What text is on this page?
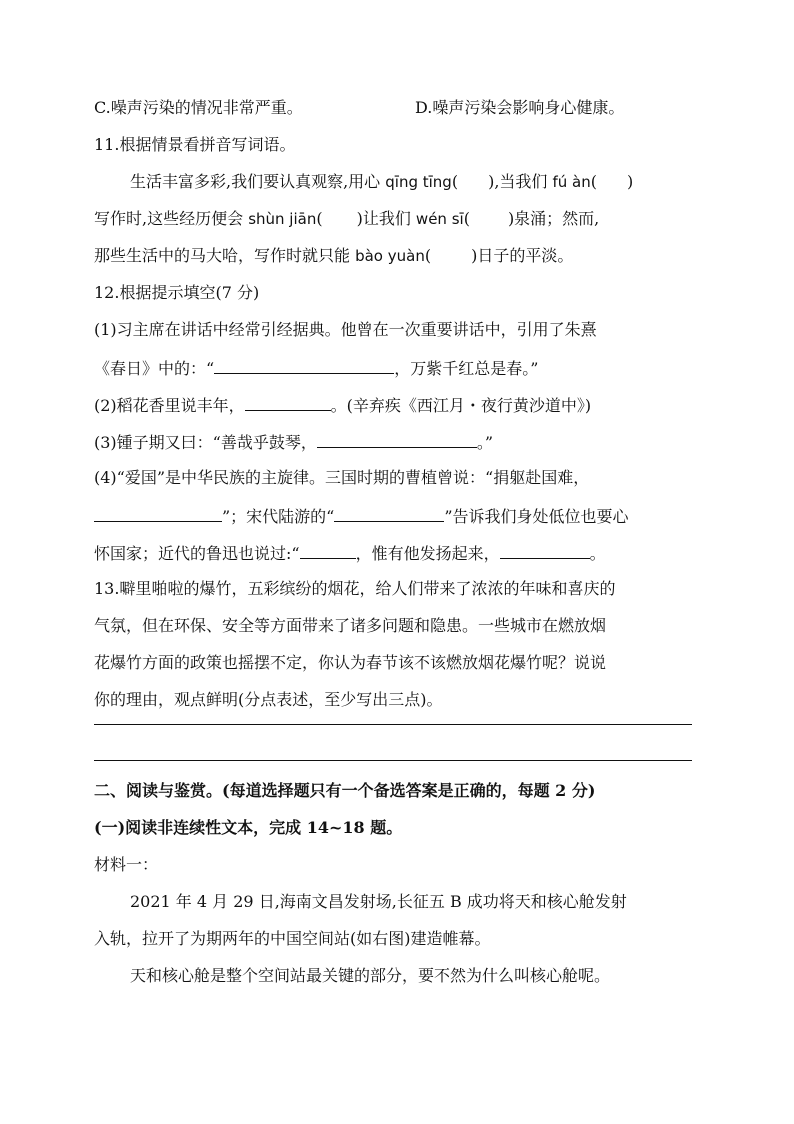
C.噪声污染的情况非常严重。	D.噪声污染会影响身心健康。
11.根据情景看拼音写词语。
生活丰富多彩,我们要认真观察,用心 qīng tīng( ),当我们 fú àn( )
写作时,这些经历便会 shùn jiān( )让我们 wén sī( )泉涌；然而,
那些生活中的马大哈，写作时就只能 bào yuàn(	)日子的平淡。
12.根据提示填空(7 分)
(1)习主席在讲话中经常引经据典。他曾在一次重要讲话中，引用了朱熹
《春日》中的：“	，万紫千红总是春。”
(2)稻花香里说丰年，	。(辛弃疾《西江月・夜行黄沙道中》)
(3)锺子期又曰：“善哉乎鼓琴，	。”
(4)“爱国”是中华民族的主旋律。三国时期的曹植曾说：“捐躯赴国难，
”；宋代陆游的“	”告诉我们身处低位也要心
怀国家；近代的鲁迅也说过:“	，惟有他发扬起来，	。
13.噼里啪啦的爆竹，五彩缤纷的烟花，给人们带来了浓浓的年味和喜庆的
气氛，但在环保、安全等方面带来了诸多问题和隐患。一些城市在燃放烟
花爆竹方面的政策也摇摆不定，你认为春节该不该燃放烟花爆竹呢？说说
你的理由，观点鲜明(分点表述，至少写出三点)。
二、阅读与鉴赏。(每道选择题只有一个备选答案是正确的，每题 2 分)
(一)阅读非连续性文本，完成 14~18 题。
材料一：
2021 年 4 月 29 日,海南文昌发射场,长征五 B 成功将天和核心舱发射
入轨，拉开了为期两年的中国空间站(如右图)建造帷幕。
天和核心舱是整个空间站最关键的部分，要不然为什么叫核心舱呢。
